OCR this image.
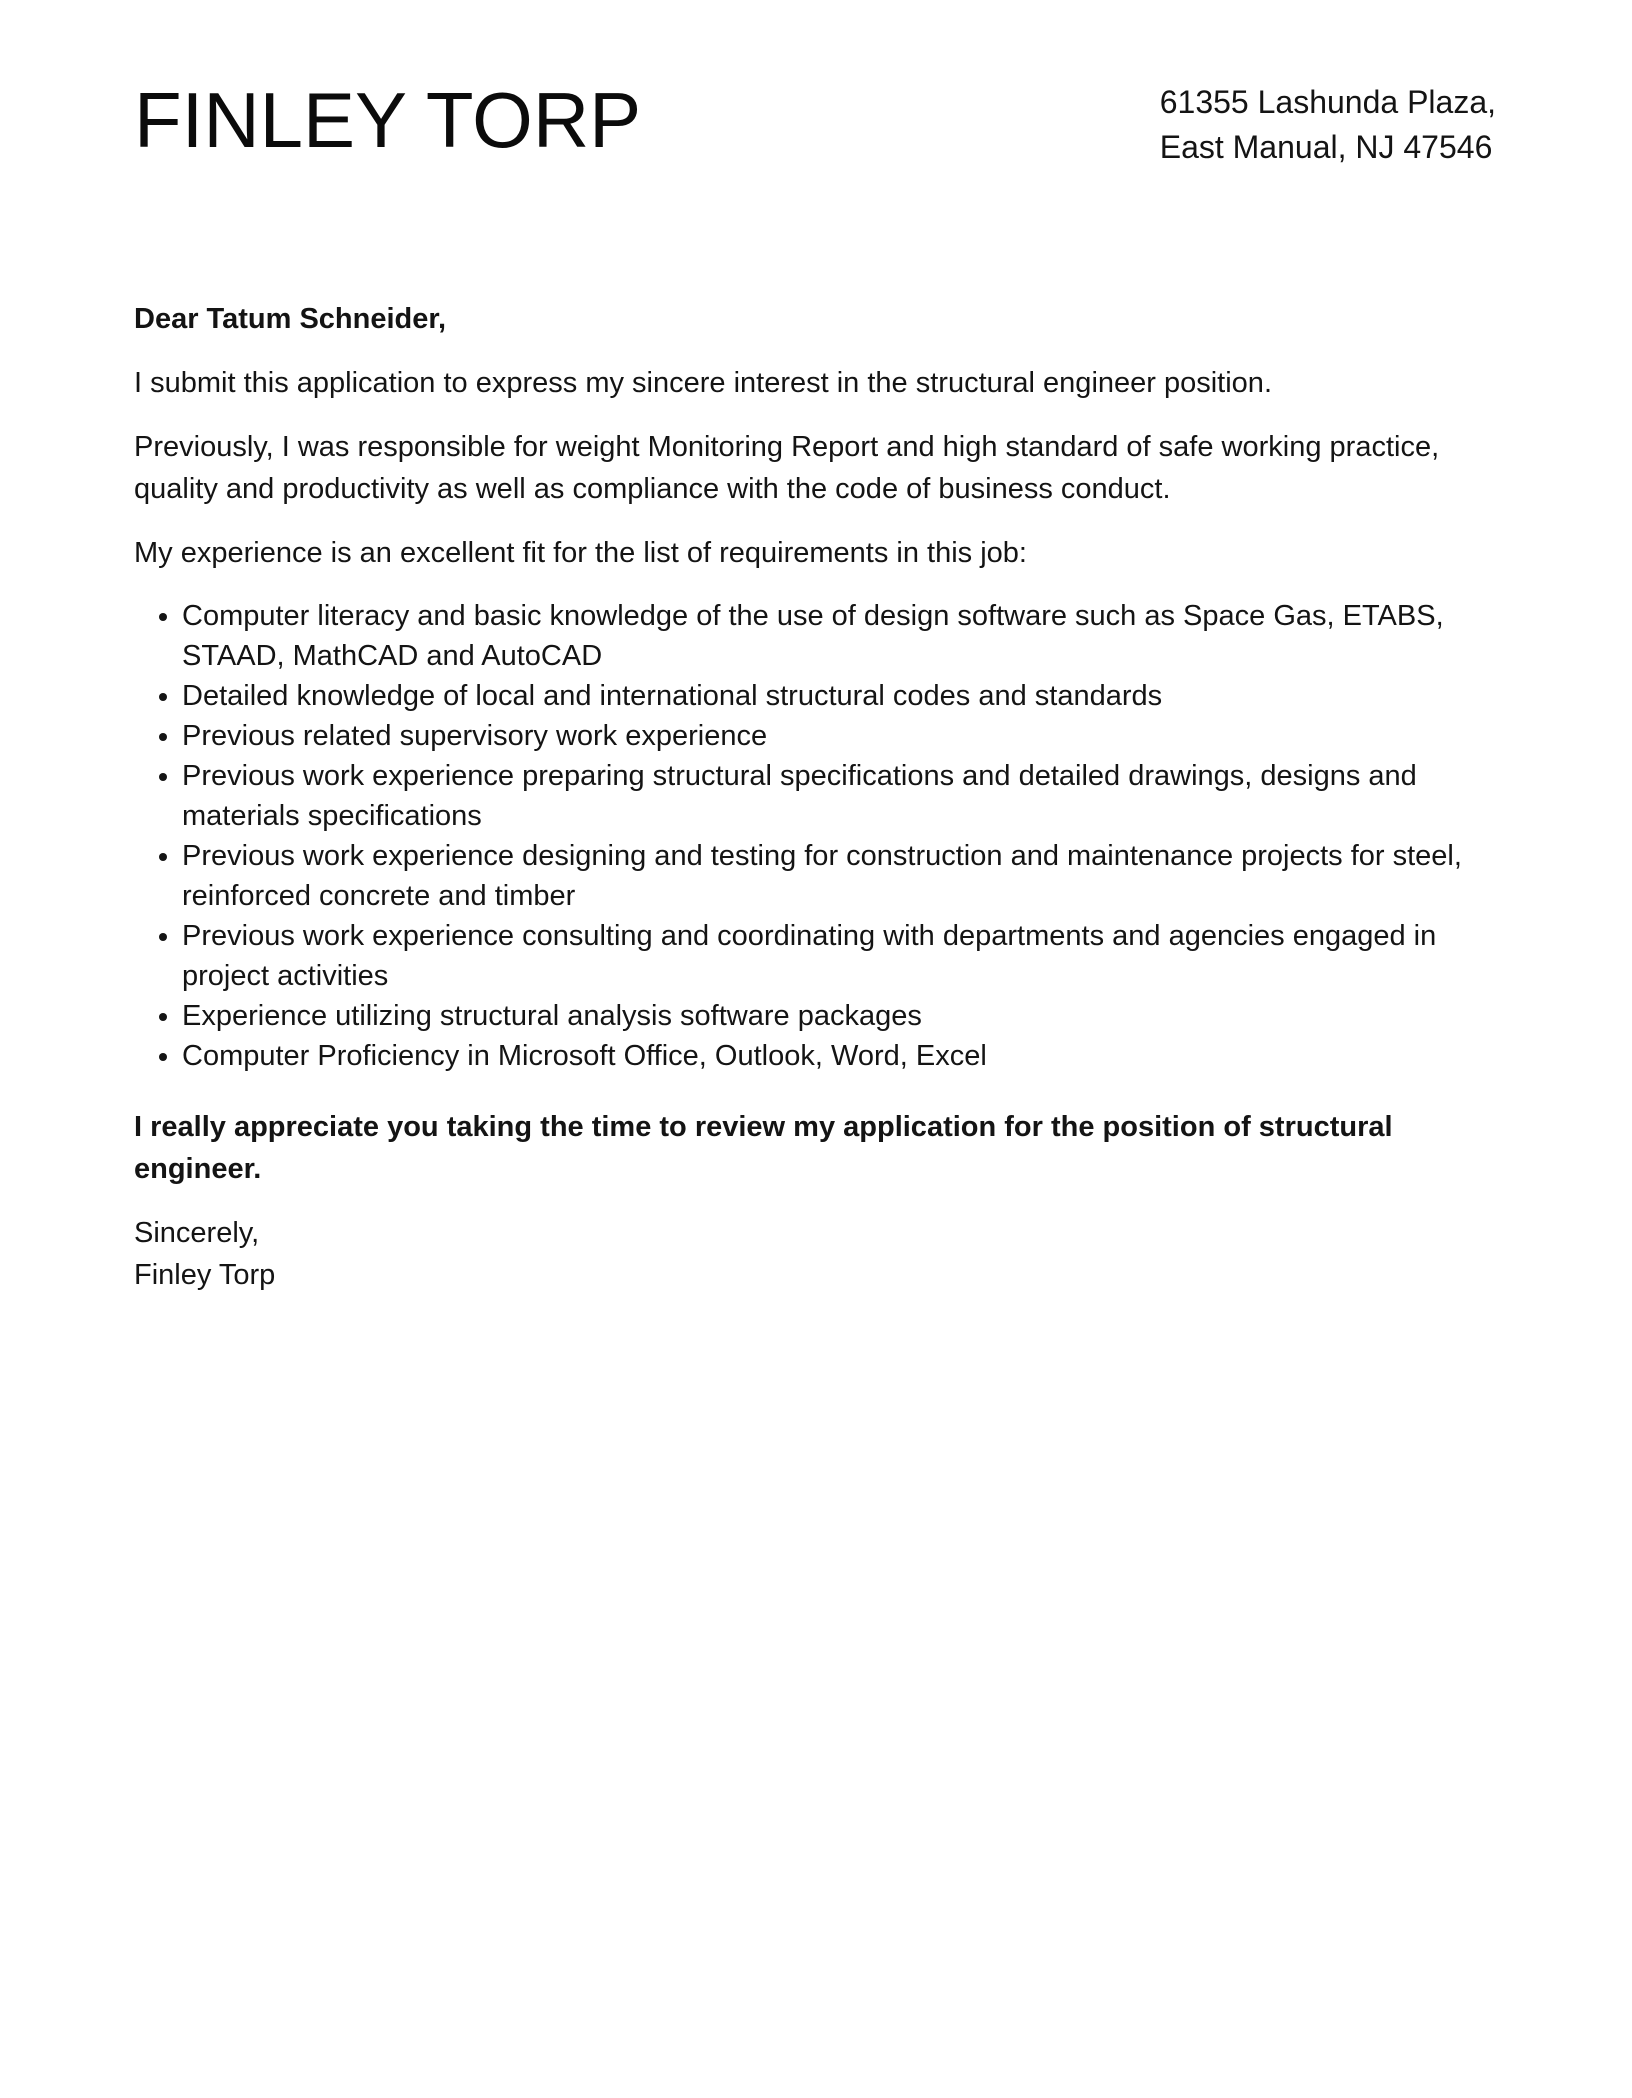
FINLEY TORP	61355 Lashunda Plaza,
East Manual, NJ 47546

Dear Tatum Schneider,

I submit this application to express my sincere interest in the structural engineer position.

Previously, I was responsible for weight Monitoring Report and high standard of safe working practice, quality and productivity as well as compliance with the code of business conduct.

My experience is an excellent fit for the list of requirements in this job:

• Computer literacy and basic knowledge of the use of design software such as Space Gas, ETABS, STAAD, MathCAD and AutoCAD
• Detailed knowledge of local and international structural codes and standards
• Previous related supervisory work experience
• Previous work experience preparing structural specifications and detailed drawings, designs and materials specifications
• Previous work experience designing and testing for construction and maintenance projects for steel, reinforced concrete and timber
• Previous work experience consulting and coordinating with departments and agencies engaged in project activities
• Experience utilizing structural analysis software packages
• Computer Proficiency in Microsoft Office, Outlook, Word, Excel

I really appreciate you taking the time to review my application for the position of structural engineer.

Sincerely,
Finley Torp
